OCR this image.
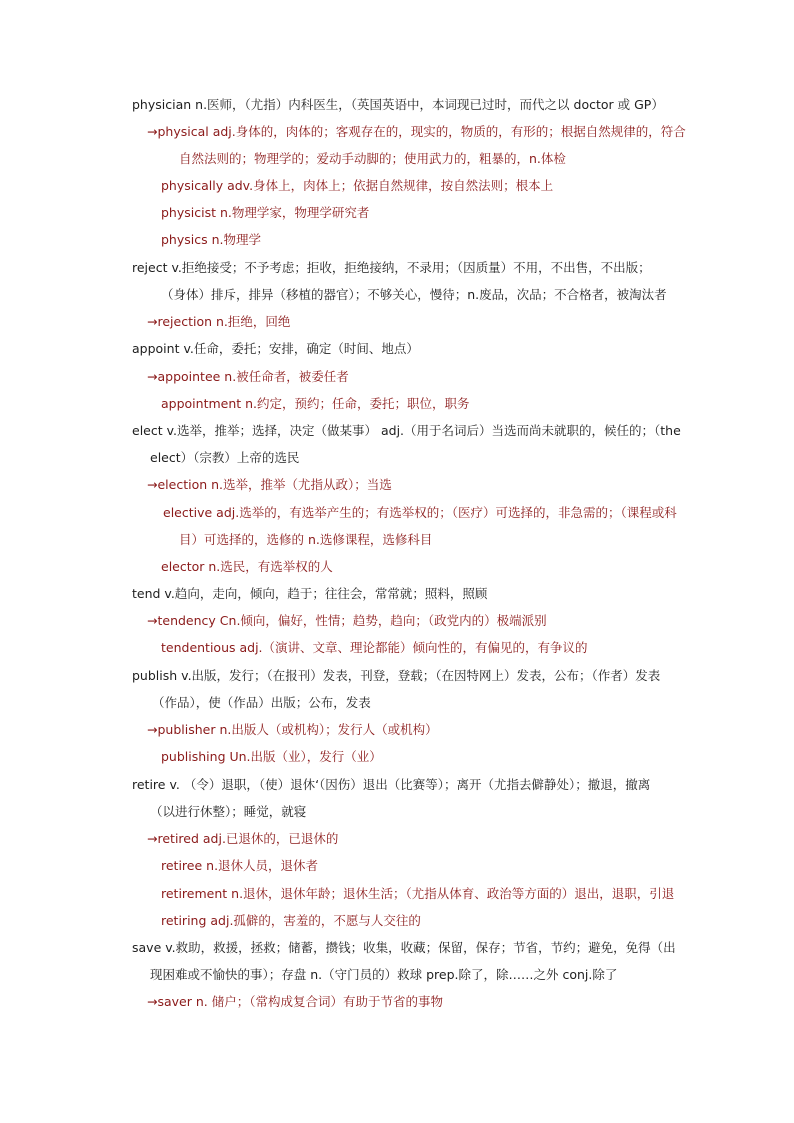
physician n.医师，（尤指）内科医生，（英国英语中，本词现已过时，而代之以 doctor 或 GP）
→physical adj.身体的，肉体的；客观存在的，现实的，物质的，有形的；根据自然规律的，符合
自然法则的；物理学的；爱动手动脚的；使用武力的，粗暴的，n.体检
physically adv.身体上，肉体上；依据自然规律，按自然法则；根本上
physicist n.物理学家，物理学研究者
physics n.物理学
reject v.拒绝接受；不予考虑；拒收，拒绝接纳，不录用；（因质量）不用，不出售，不出版；
（身体）排斥，排异（移植的器官）；不够关心，慢待；n.废品，次品；不合格者，被淘汰者
→rejection n.拒绝，回绝
appoint v.任命，委托；安排，确定（时间、地点）
→appointee n.被任命者，被委任者
appointment n.约定，预约；任命，委托；职位，职务
elect v.选举，推举；选择，决定（做某事） adj.（用于名词后）当选而尚未就职的，候任的；（the
elect）（宗教）上帝的选民
→election n.选举，推举（尤指从政）；当选
elective adj.选举的，有选举产生的；有选举权的；（医疗）可选择的，非急需的；（课程或科
目）可选择的，选修的 n.选修课程，选修科目
elector n.选民，有选举权的人
tend v.趋向，走向，倾向，趋于；往往会，常常就；照料，照顾
→tendency Cn.倾向，偏好，性情；趋势，趋向；（政党内的）极端派别
tendentious adj.（演讲、文章、理论都能）倾向性的，有偏见的，有争议的
publish v.出版，发行；（在报刊）发表，刊登，登载；（在因特网上）发表，公布；（作者）发表
（作品），使（作品）出版；公布，发表
→publisher n.出版人（或机构）；发行人（或机构）
publishing Un.出版（业），发行（业）
retire v. （令）退职，（使）退休‘（因伤）退出（比赛等）；离开（尤指去僻静处）；撤退，撤离
（以进行休整）；睡觉，就寝
→retired adj.已退休的，已退休的
retiree n.退休人员，退休者
retirement n.退休，退休年龄；退休生活；（尤指从体育、政治等方面的）退出，退职，引退
retiring adj.孤僻的，害羞的，不愿与人交往的
save v.救助，救援，拯救；储蓄，攒钱；收集，收藏；保留，保存；节省，节约；避免，免得（出
现困难或不愉快的事）；存盘 n.（守门员的）救球 prep.除了，除……之外 conj.除了
→saver n. 储户；（常构成复合词）有助于节省的事物
